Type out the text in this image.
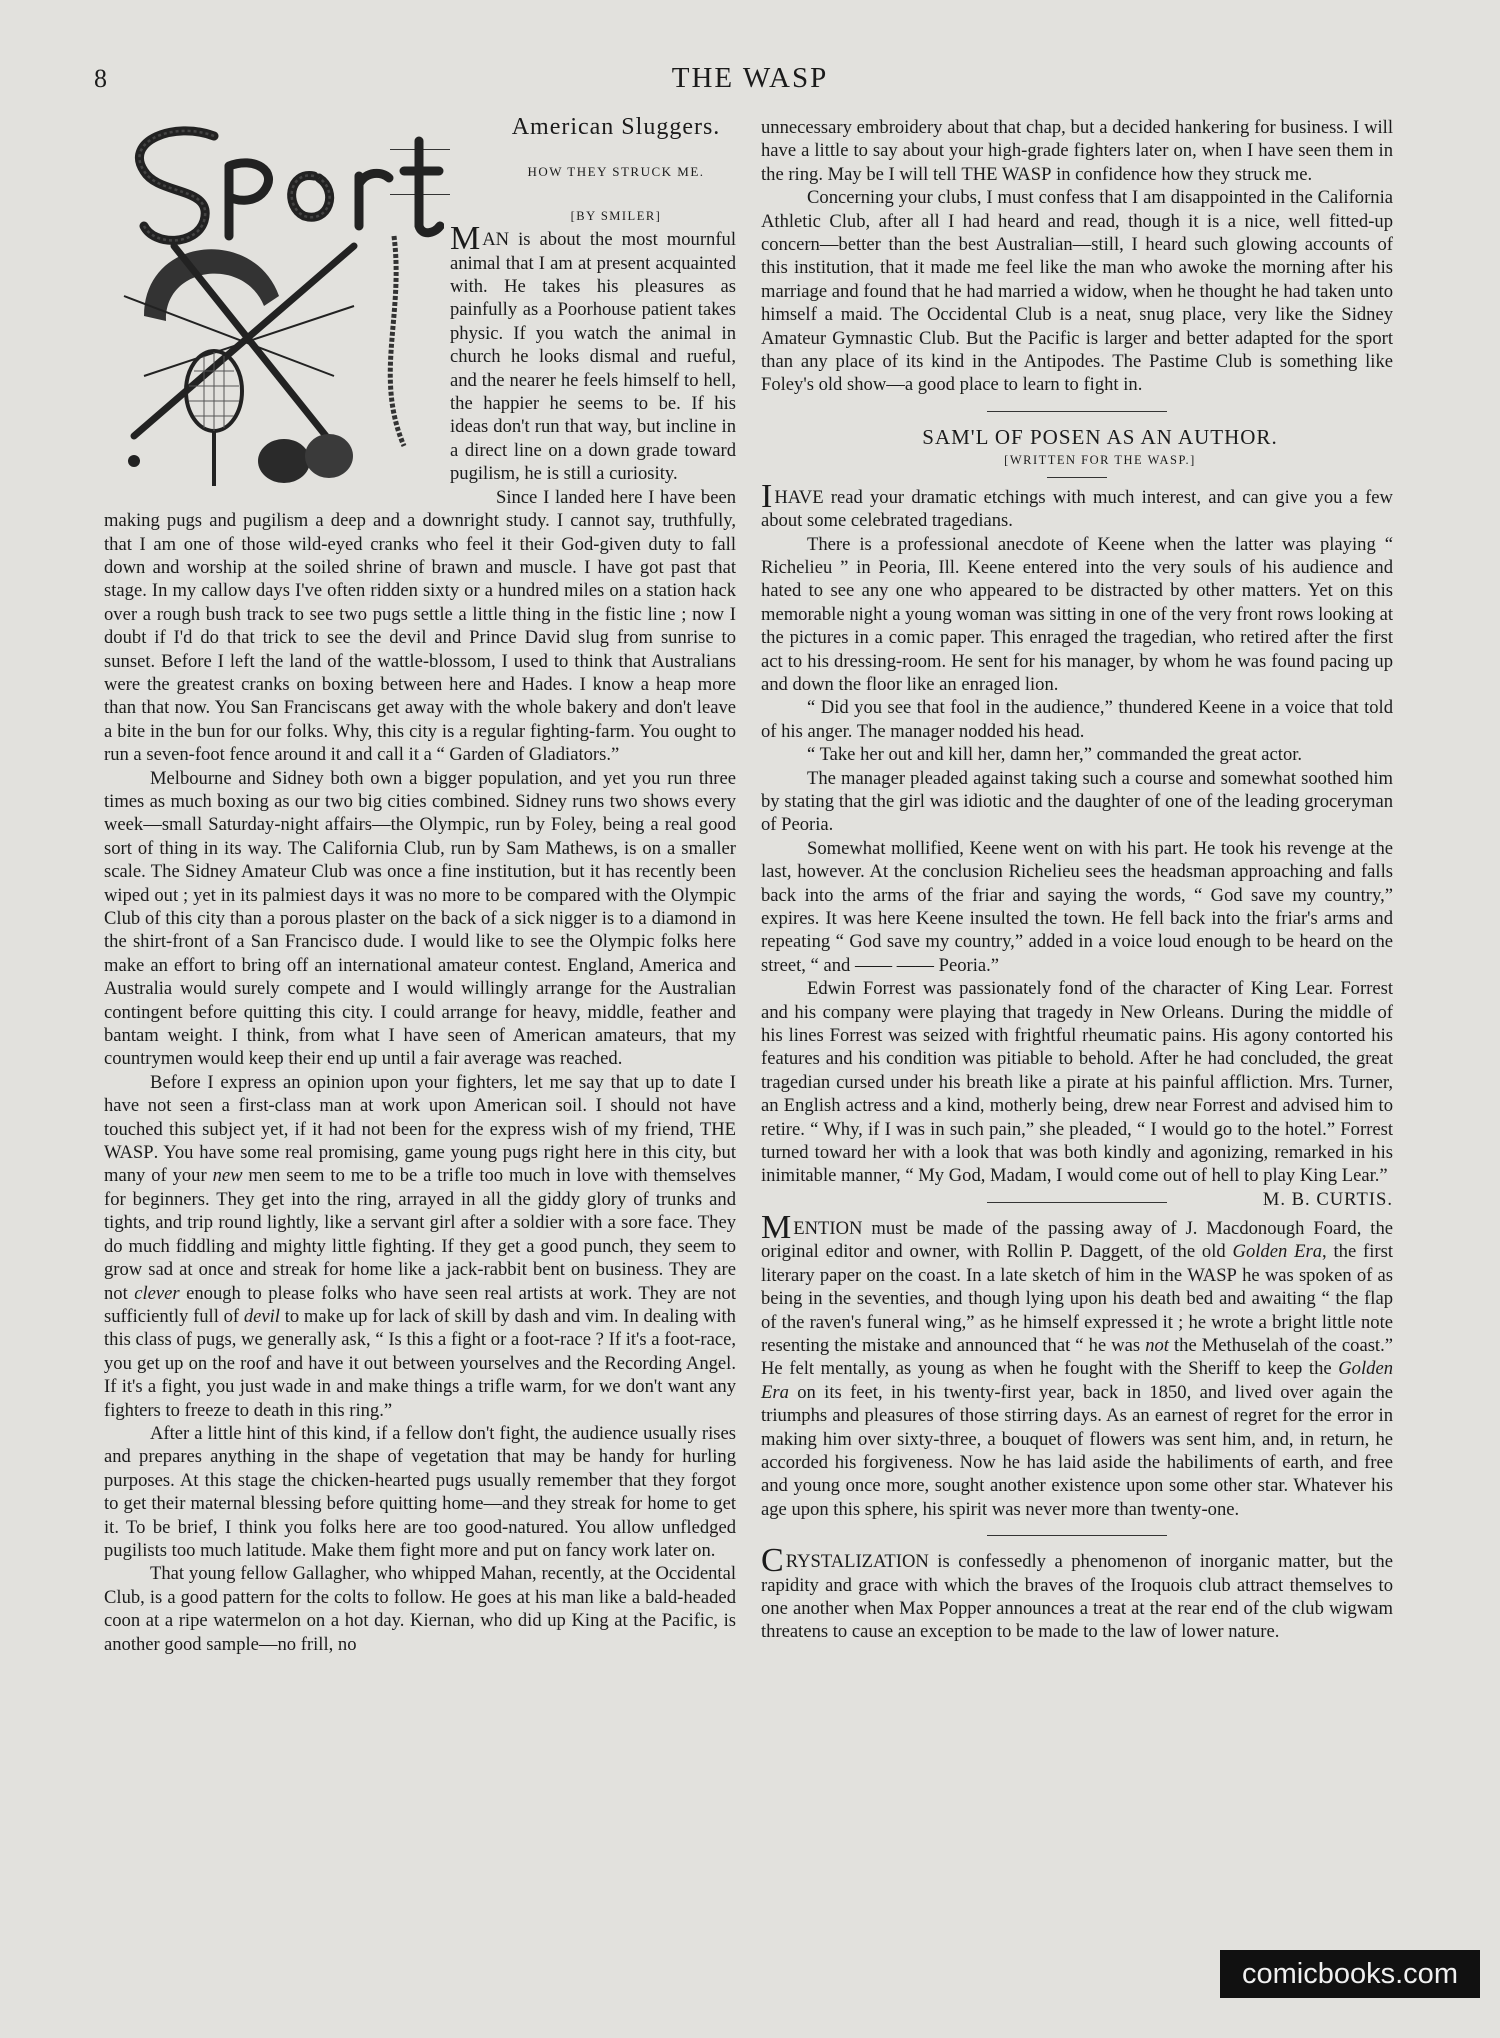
8	THE WASP

American Sluggers.

HOW THEY STRUCK ME.

[BY SMILER]

MAN is about the most mournful animal that I am at present acquainted with. He takes his pleasures as painfully as a Poorhouse patient takes physic. If you watch the animal in church he looks dismal and rueful, and the nearer he feels himself to hell, the happier he seems to be. If his ideas don't run that way, but incline in a direct line on a down grade toward pugilism, he is still a curiosity.

Since I landed here I have been making pugs and pugilism a deep and a downright study. I cannot say, truthfully, that I am one of those wild-eyed cranks who feel it their God-given duty to fall down and worship at the soiled shrine of brawn and muscle. I have got past that stage. In my callow days I've often ridden sixty or a hundred miles on a station hack over a rough bush track to see two pugs settle a little thing in the fistic line ; now I doubt if I'd do that trick to see the devil and Prince David slug from sunrise to sunset. Before I left the land of the wattle-blossom, I used to think that Australians were the greatest cranks on boxing between here and Hades. I know a heap more than that now. You San Franciscans get away with the whole bakery and don't leave a bite in the bun for our folks. Why, this city is a regular fighting-farm. You ought to run a seven-foot fence around it and call it a “ Garden of Gladiators.”

Melbourne and Sidney both own a bigger population, and yet you run three times as much boxing as our two big cities combined. Sidney runs two shows every week—small Saturday-night affairs—the Olympic, run by Foley, being a real good sort of thing in its way. The California Club, run by Sam Mathews, is on a smaller scale. The Sidney Amateur Club was once a fine institution, but it has recently been wiped out ; yet in its palmiest days it was no more to be compared with the Olympic Club of this city than a porous plaster on the back of a sick nigger is to a diamond in the shirt-front of a San Francisco dude. I would like to see the Olympic folks here make an effort to bring off an international amateur contest. England, America and Australia would surely compete and I would willingly arrange for the Australian contingent before quitting this city. I could arrange for heavy, middle, feather and bantam weight. I think, from what I have seen of American amateurs, that my countrymen would keep their end up until a fair average was reached.

Before I express an opinion upon your fighters, let me say that up to date I have not seen a first-class man at work upon American soil. I should not have touched this subject yet, if it had not been for the express wish of my friend, THE WASP. You have some real promising, game young pugs right here in this city, but many of your new men seem to me to be a trifle too much in love with themselves for beginners. They get into the ring, arrayed in all the giddy glory of trunks and tights, and trip round lightly, like a servant girl after a soldier with a sore face. They do much fiddling and mighty little fighting. If they get a good punch, they seem to grow sad at once and streak for home like a jack-rabbit bent on business. They are not clever enough to please folks who have seen real artists at work. They are not sufficiently full of devil to make up for lack of skill by dash and vim. In dealing with this class of pugs, we generally ask, “ Is this a fight or a foot-race ? If it's a foot-race, you get up on the roof and have it out between yourselves and the Recording Angel. If it's a fight, you just wade in and make things a trifle warm, for we don't want any fighters to freeze to death in this ring.”

After a little hint of this kind, if a fellow don't fight, the audience usually rises and prepares anything in the shape of vegetation that may be handy for hurling purposes. At this stage the chicken-hearted pugs usually remember that they forgot to get their maternal blessing before quitting home—and they streak for home to get it. To be brief, I think you folks here are too good-natured. You allow unfledged pugilists too much latitude. Make them fight more and put on fancy work later on.

That young fellow Gallagher, who whipped Mahan, recently, at the Occidental Club, is a good pattern for the colts to follow. He goes at his man like a bald-headed coon at a ripe watermelon on a hot day. Kiernan, who did up King at the Pacific, is another good sample—no frill, no

unnecessary embroidery about that chap, but a decided hankering for business. I will have a little to say about your high-grade fighters later on, when I have seen them in the ring. May be I will tell THE WASP in confidence how they struck me.

Concerning your clubs, I must confess that I am disappointed in the California Athletic Club, after all I had heard and read, though it is a nice, well fitted-up concern—better than the best Australian—still, I heard such glowing accounts of this institution, that it made me feel like the man who awoke the morning after his marriage and found that he had married a widow, when he thought he had taken unto himself a maid. The Occidental Club is a neat, snug place, very like the Sidney Amateur Gymnastic Club. But the Pacific is larger and better adapted for the sport than any place of its kind in the Antipodes. The Pastime Club is something like Foley's old show—a good place to learn to fight in.

SAM'L OF POSEN AS AN AUTHOR.

[WRITTEN FOR THE WASP.]

IHAVE read your dramatic etchings with much interest, and can give you a few about some celebrated tragedians.

There is a professional anecdote of Keene when the latter was playing “ Richelieu ” in Peoria, Ill. Keene entered into the very souls of his audience and hated to see any one who appeared to be distracted by other matters. Yet on this memorable night a young woman was sitting in one of the very front rows looking at the pictures in a comic paper. This enraged the tragedian, who retired after the first act to his dressing-room. He sent for his manager, by whom he was found pacing up and down the floor like an enraged lion.

“ Did you see that fool in the audience,” thundered Keene in a voice that told of his anger. The manager nodded his head.

“ Take her out and kill her, damn her,” commanded the great actor.

The manager pleaded against taking such a course and somewhat soothed him by stating that the girl was idiotic and the daughter of one of the leading groceryman of Peoria.

Somewhat mollified, Keene went on with his part. He took his revenge at the last, however. At the conclusion Richelieu sees the headsman approaching and falls back into the arms of the friar and saying the words, “ God save my country,” expires. It was here Keene insulted the town. He fell back into the friar's arms and repeating “ God save my country,” added in a voice loud enough to be heard on the street, “ and —— —— Peoria.”

Edwin Forrest was passionately fond of the character of King Lear. Forrest and his company were playing that tragedy in New Orleans. During the middle of his lines Forrest was seized with frightful rheumatic pains. His agony contorted his features and his condition was pitiable to behold. After he had concluded, the great tragedian cursed under his breath like a pirate at his painful affliction. Mrs. Turner, an English actress and a kind, motherly being, drew near Forrest and advised him to retire. “ Why, if I was in such pain,” she pleaded, “ I would go to the hotel.” Forrest turned toward her with a look that was both kindly and agonizing, remarked in his inimitable manner, “ My God, Madam, I would come out of hell to play King Lear.”
M. B. CURTIS.

MENTION must be made of the passing away of J. Macdonough Foard, the original editor and owner, with Rollin P. Daggett, of the old Golden Era, the first literary paper on the coast. In a late sketch of him in the WASP he was spoken of as being in the seventies, and though lying upon his death bed and awaiting “ the flap of the raven's funeral wing,” as he himself expressed it ; he wrote a bright little note resenting the mistake and announced that “ he was not the Methuselah of the coast.” He felt mentally, as young as when he fought with the Sheriff to keep the Golden Era on its feet, in his twenty-first year, back in 1850, and lived over again the triumphs and pleasures of those stirring days. As an earnest of regret for the error in making him over sixty-three, a bouquet of flowers was sent him, and, in return, he accorded his forgiveness. Now he has laid aside the habiliments of earth, and free and young once more, sought another existence upon some other star. Whatever his age upon this sphere, his spirit was never more than twenty-one.

CRYSTALIZATION is confessedly a phenomenon of inorganic matter, but the rapidity and grace with which the braves of the Iroquois club attract themselves to one another when Max Popper announces a treat at the rear end of the club wigwam threatens to cause an exception to be made to the law of lower nature.

comicbooks.com
